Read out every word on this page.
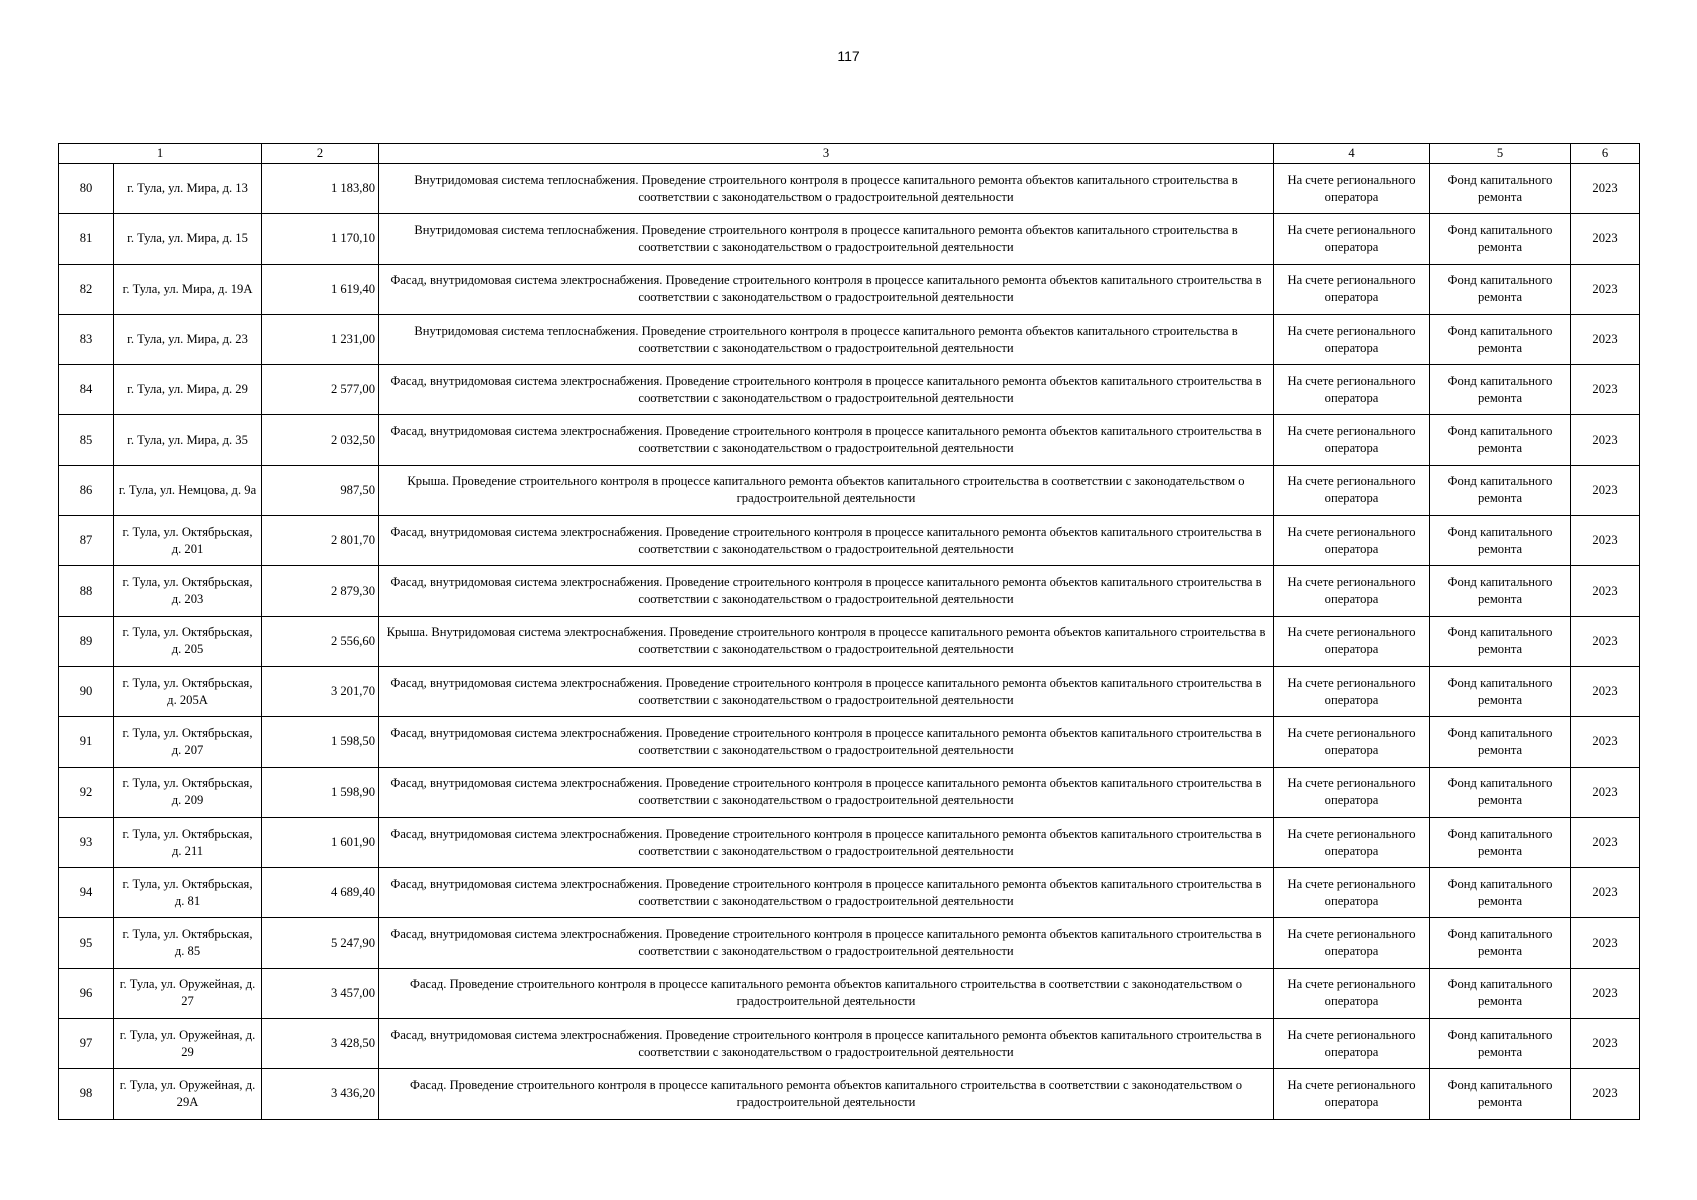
117
1		2	3	4	5	6
80	г. Тула, ул. Мира, д. 13	1 183,80	Внутридомовая система теплоснабжения. Проведение строительного контроля в процессе капитального ремонта объектов капитального строительства в соответствии с законодательством о градостроительной деятельности	На счете регионального оператора	Фонд капитального ремонта	2023
81	г. Тула, ул. Мира, д. 15	1 170,10	Внутридомовая система теплоснабжения. Проведение строительного контроля в процессе капитального ремонта объектов капитального строительства в соответствии с законодательством о градостроительной деятельности	На счете регионального оператора	Фонд капитального ремонта	2023
82	г. Тула, ул. Мира, д. 19А	1 619,40	Фасад, внутридомовая система электроснабжения. Проведение строительного контроля в процессе капитального ремонта объектов капитального строительства в соответствии с законодательством о градостроительной деятельности	На счете регионального оператора	Фонд капитального ремонта	2023
83	г. Тула, ул. Мира, д. 23	1 231,00	Внутридомовая система теплоснабжения. Проведение строительного контроля в процессе капитального ремонта объектов капитального строительства в соответствии с законодательством о градостроительной деятельности	На счете регионального оператора	Фонд капитального ремонта	2023
84	г. Тула, ул. Мира, д. 29	2 577,00	Фасад, внутридомовая система электроснабжения. Проведение строительного контроля в процессе капитального ремонта объектов капитального строительства в соответствии с законодательством о градостроительной деятельности	На счете регионального оператора	Фонд капитального ремонта	2023
85	г. Тула, ул. Мира, д. 35	2 032,50	Фасад, внутридомовая система электроснабжения. Проведение строительного контроля в процессе капитального ремонта объектов капитального строительства в соответствии с законодательством о градостроительной деятельности	На счете регионального оператора	Фонд капитального ремонта	2023
86	г. Тула, ул. Немцова, д. 9а	987,50	Крыша. Проведение строительного контроля в процессе капитального ремонта объектов капитального строительства в соответствии с законодательством о градостроительной деятельности	На счете регионального оператора	Фонд капитального ремонта	2023
87	г. Тула, ул. Октябрьская, д. 201	2 801,70	Фасад, внутридомовая система электроснабжения. Проведение строительного контроля в процессе капитального ремонта объектов капитального строительства в соответствии с законодательством о градостроительной деятельности	На счете регионального оператора	Фонд капитального ремонта	2023
88	г. Тула, ул. Октябрьская, д. 203	2 879,30	Фасад, внутридомовая система электроснабжения. Проведение строительного контроля в процессе капитального ремонта объектов капитального строительства в соответствии с законодательством о градостроительной деятельности	На счете регионального оператора	Фонд капитального ремонта	2023
89	г. Тула, ул. Октябрьская, д. 205	2 556,60	Крыша. Внутридомовая система электроснабжения. Проведение строительного контроля в процессе капитального ремонта объектов капитального строительства в соответствии с законодательством о градостроительной деятельности	На счете регионального оператора	Фонд капитального ремонта	2023
90	г. Тула, ул. Октябрьская, д. 205А	3 201,70	Фасад, внутридомовая система электроснабжения. Проведение строительного контроля в процессе капитального ремонта объектов капитального строительства в соответствии с законодательством о градостроительной деятельности	На счете регионального оператора	Фонд капитального ремонта	2023
91	г. Тула, ул. Октябрьская, д. 207	1 598,50	Фасад, внутридомовая система электроснабжения. Проведение строительного контроля в процессе капитального ремонта объектов капитального строительства в соответствии с законодательством о градостроительной деятельности	На счете регионального оператора	Фонд капитального ремонта	2023
92	г. Тула, ул. Октябрьская, д. 209	1 598,90	Фасад, внутридомовая система электроснабжения. Проведение строительного контроля в процессе капитального ремонта объектов капитального строительства в соответствии с законодательством о градостроительной деятельности	На счете регионального оператора	Фонд капитального ремонта	2023
93	г. Тула, ул. Октябрьская, д. 211	1 601,90	Фасад, внутридомовая система электроснабжения. Проведение строительного контроля в процессе капитального ремонта объектов капитального строительства в соответствии с законодательством о градостроительной деятельности	На счете регионального оператора	Фонд капитального ремонта	2023
94	г. Тула, ул. Октябрьская, д. 81	4 689,40	Фасад, внутридомовая система электроснабжения. Проведение строительного контроля в процессе капитального ремонта объектов капитального строительства в соответствии с законодательством о градостроительной деятельности	На счете регионального оператора	Фонд капитального ремонта	2023
95	г. Тула, ул. Октябрьская, д. 85	5 247,90	Фасад, внутридомовая система электроснабжения. Проведение строительного контроля в процессе капитального ремонта объектов капитального строительства в соответствии с законодательством о градостроительной деятельности	На счете регионального оператора	Фонд капитального ремонта	2023
96	г. Тула, ул. Оружейная, д. 27	3 457,00	Фасад. Проведение строительного контроля в процессе капитального ремонта объектов капитального строительства в соответствии с законодательством о градостроительной деятельности	На счете регионального оператора	Фонд капитального ремонта	2023
97	г. Тула, ул. Оружейная, д. 29	3 428,50	Фасад, внутридомовая система электроснабжения. Проведение строительного контроля в процессе капитального ремонта объектов капитального строительства в соответствии с законодательством о градостроительной деятельности	На счете регионального оператора	Фонд капитального ремонта	2023
98	г. Тула, ул. Оружейная, д. 29А	3 436,20	Фасад. Проведение строительного контроля в процессе капитального ремонта объектов капитального строительства в соответствии с законодательством о градостроительной деятельности	На счете регионального оператора	Фонд капитального ремонта	2023
